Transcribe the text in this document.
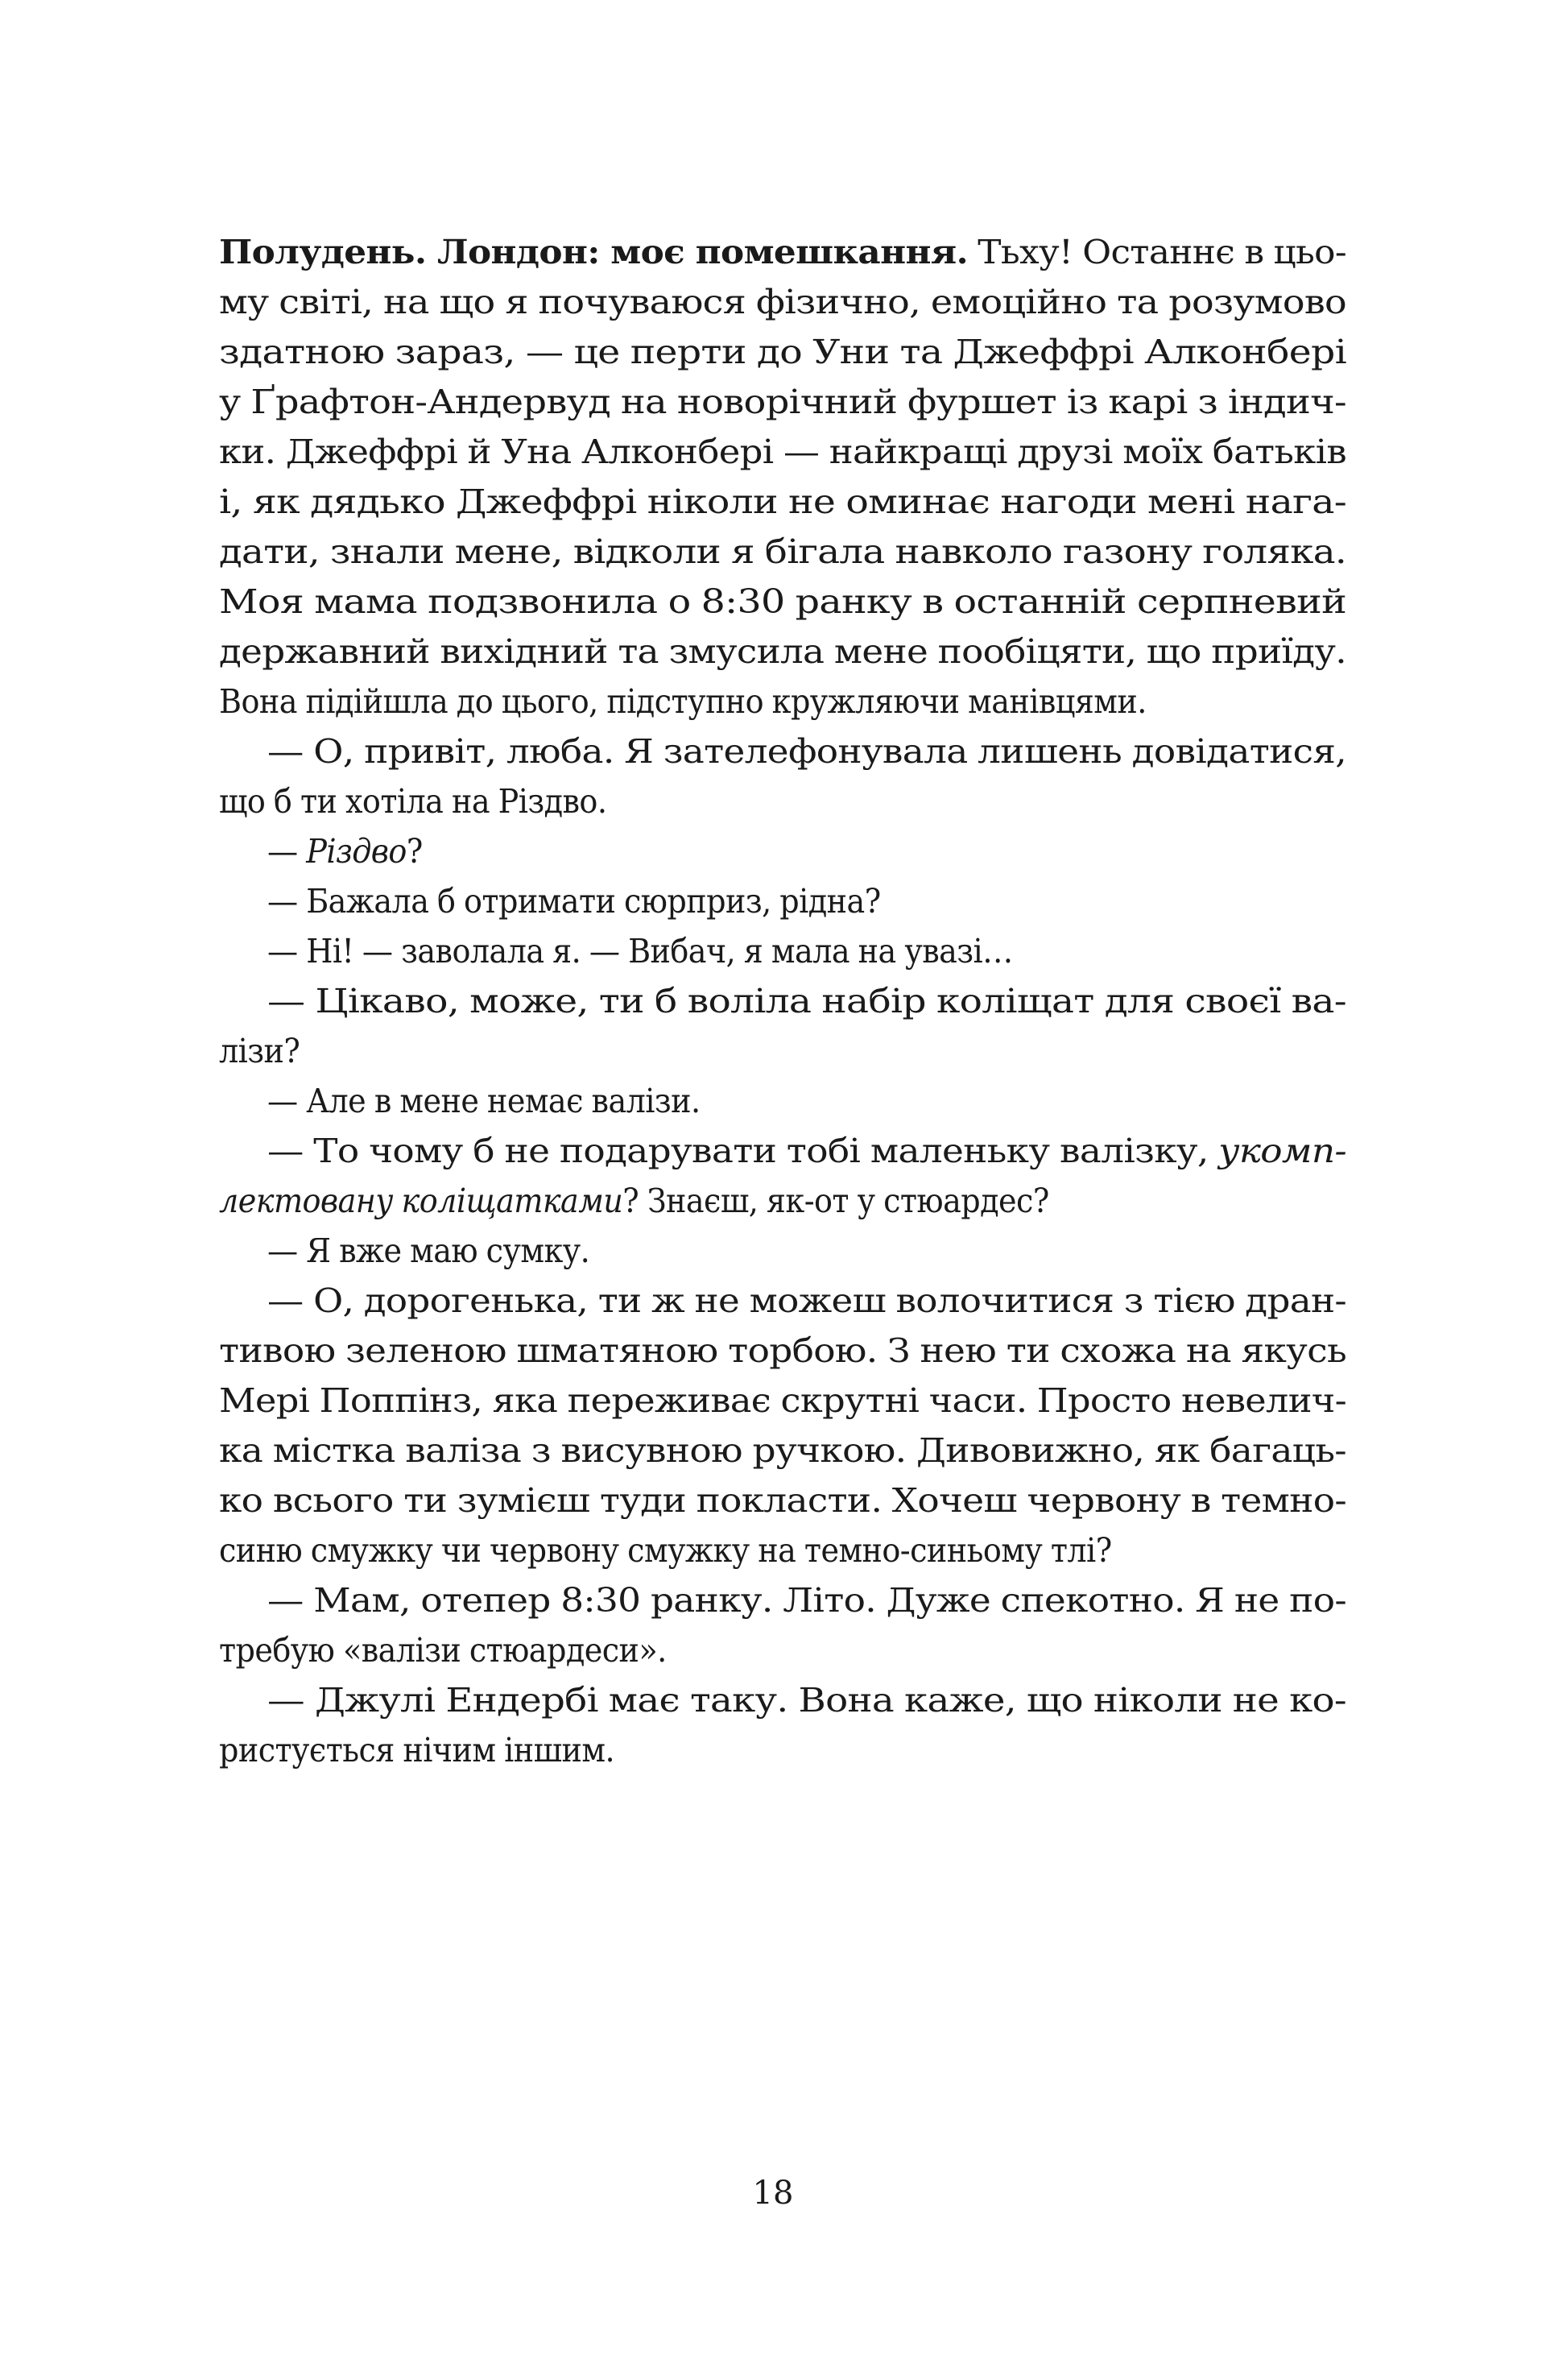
Полудень. Лондон: моє помешкання. Тьху! Останнє в цьо-
му світі, на що я почуваюся фізично, емоційно та розумово
здатною зараз, — це перти до Уни та Джеффрі Алконбері
у Ґрафтон-Андервуд на новорічний фуршет із карі з індич-
ки. Джеффрі й Уна Алконбері — найкращі друзі моїх батьків
і, як дядько Джеффрі ніколи не оминає нагоди мені нага-
дати, знали мене, відколи я бігала навколо газону голяка.
Моя мама подзвонила о 8:30 ранку в останній серпневий
державний вихідний та змусила мене пообіцяти, що приїду.
Вона підійшла до цього, підступно кружляючи манівцями.
— О, привіт, люба. Я зателефонувала лишень довідатися,
що б ти хотіла на Різдво.
— Різдво?
— Бажала б отримати сюрприз, рідна?
— Ні! — заволала я. — Вибач, я мала на увазі…
— Цікаво, може, ти б воліла набір коліщат для своєї ва-
лізи?
— Але в мене немає валізи.
— То чому б не подарувати тобі маленьку валізку, укомп-
лектовану коліщатками? Знаєш, як-от у стюардес?
— Я вже маю сумку.
— О, дорогенька, ти ж не можеш волочитися з тією дран-
тивою зеленою шматяною торбою. З нею ти схожа на якусь
Мері Поппінз, яка переживає скрутні часи. Просто невелич-
ка містка валіза з висувною ручкою. Дивовижно, як багаць-
ко всього ти зумієш туди покласти. Хочеш червону в темно-
синю смужку чи червону смужку на темно-синьому тлі?
— Мам, отепер 8:30 ранку. Літо. Дуже спекотно. Я не по-
требую «валізи стюардеси».
— Джулі Ендербі має таку. Вона каже, що ніколи не ко-
ристується нічим іншим.
18
